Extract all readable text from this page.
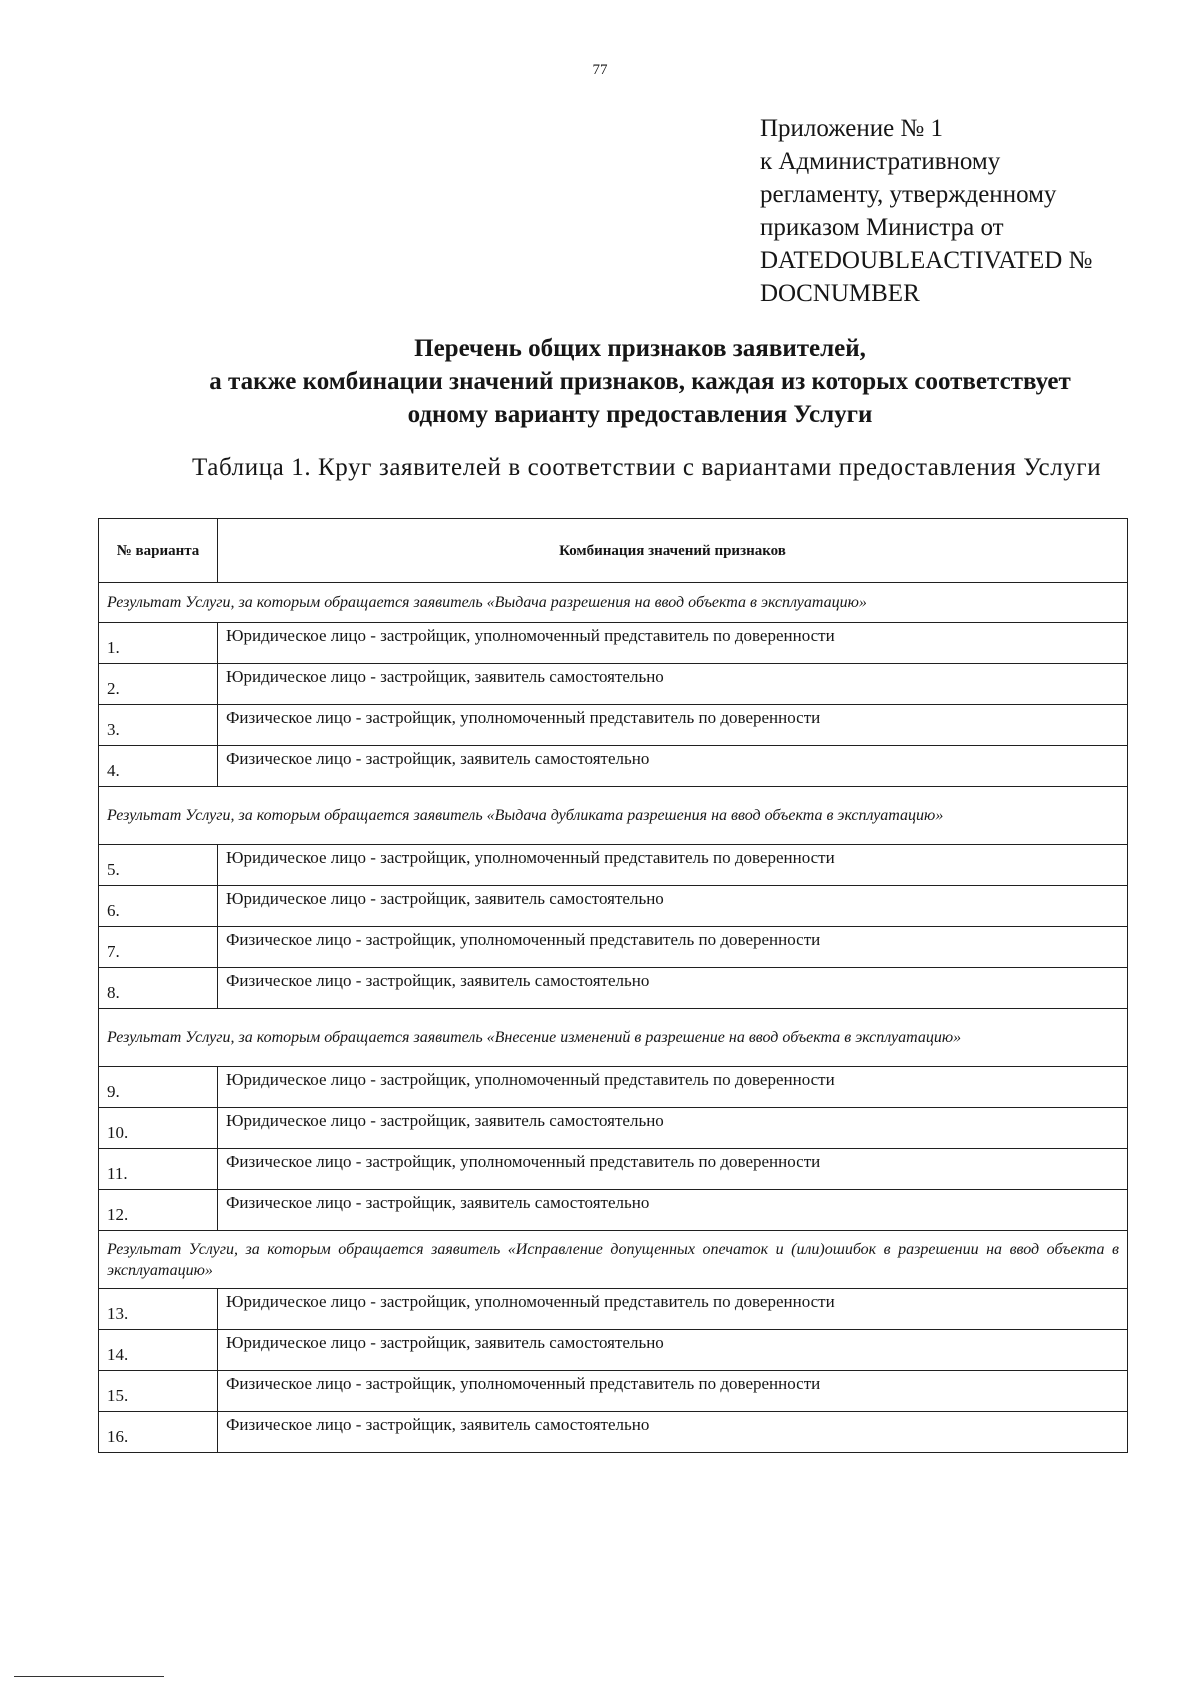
77
Приложение № 1
к Административному
регламенту, утвержденному
приказом Министра от
DATEDOUBLEACTIVATED №
DOCNUMBER
Перечень общих признаков заявителей,
а также комбинации значений признаков, каждая из которых соответствует
одному варианту предоставления Услуги
Таблица 1. Круг заявителей в соответствии с вариантами предоставления Услуги
№ варианта	Комбинация значений признаков
Результат Услуги, за которым обращается заявитель «Выдача разрешения на ввод объекта в эксплуатацию»	
1.	Юридическое лицо - застройщик, уполномоченный представитель по доверенности
2.	Юридическое лицо - застройщик, заявитель самостоятельно
3.	Физическое лицо - застройщик, уполномоченный представитель по доверенности
4.	Физическое лицо - застройщик, заявитель самостоятельно
Результат Услуги, за которым обращается заявитель «Выдача дубликата разрешения на ввод объекта в эксплуатацию»	
5.	Юридическое лицо - застройщик, уполномоченный представитель по доверенности
6.	Юридическое лицо - застройщик, заявитель самостоятельно
7.	Физическое лицо - застройщик, уполномоченный представитель по доверенности
8.	Физическое лицо - застройщик, заявитель самостоятельно
Результат Услуги, за которым обращается заявитель «Внесение изменений в разрешение на ввод объекта в эксплуатацию»	
9.	Юридическое лицо - застройщик, уполномоченный представитель по доверенности
10.	Юридическое лицо - застройщик, заявитель самостоятельно
11.	Физическое лицо - застройщик, уполномоченный представитель по доверенности
12.	Физическое лицо - застройщик, заявитель самостоятельно
Результат Услуги, за которым обращается заявитель «Исправление допущенных опечаток и (или)ошибок в разрешении на ввод объекта в эксплуатацию»	
13.	Юридическое лицо - застройщик, уполномоченный представитель по доверенности
14.	Юридическое лицо - застройщик, заявитель самостоятельно
15.	Физическое лицо - застройщик, уполномоченный представитель по доверенности
16.	Физическое лицо - застройщик, заявитель самостоятельно
